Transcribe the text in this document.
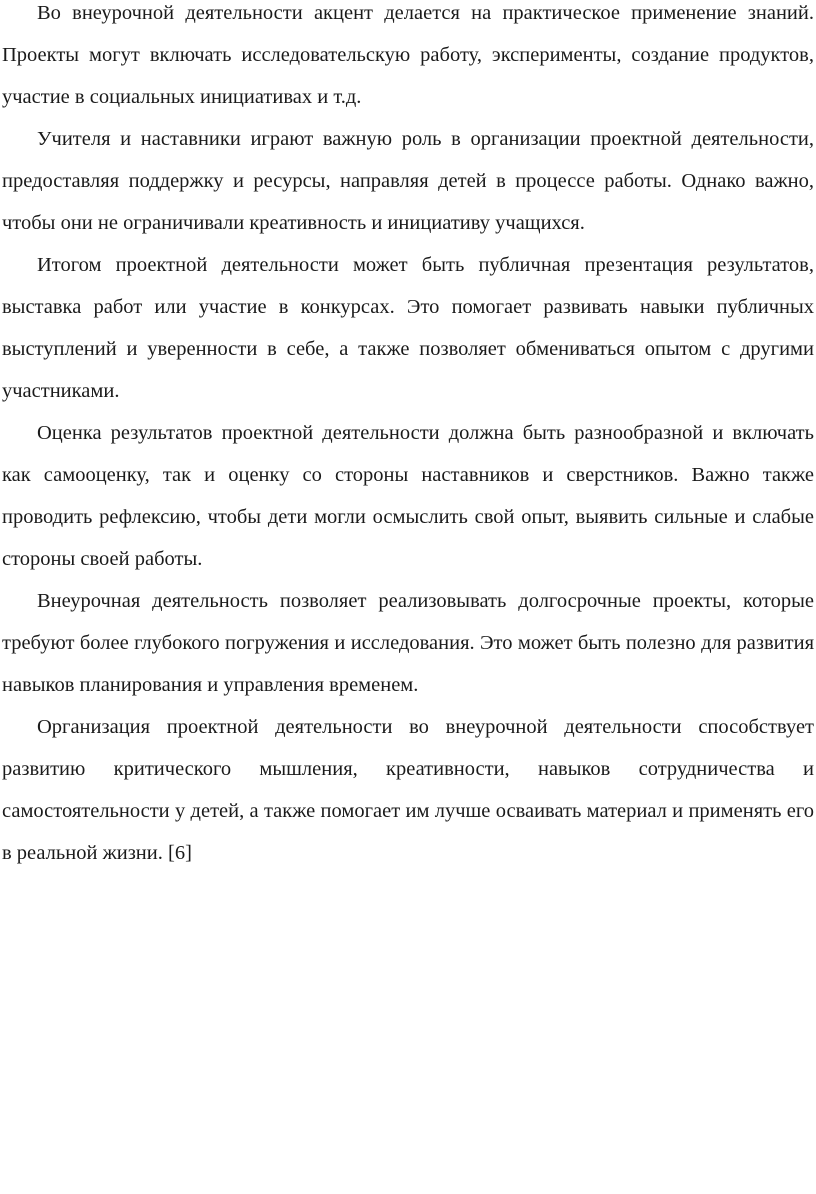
Во внеурочной деятельности акцент делается на практическое применение знаний. Проекты могут включать исследовательскую работу, эксперименты, создание продуктов, участие в социальных инициативах и т.д.

Учителя и наставники играют важную роль в организации проектной деятельности, предоставляя поддержку и ресурсы, направляя детей в процессе работы. Однако важно, чтобы они не ограничивали креативность и инициативу учащихся.

Итогом проектной деятельности может быть публичная презентация результатов, выставка работ или участие в конкурсах. Это помогает развивать навыки публичных выступлений и уверенности в себе, а также позволяет обмениваться опытом с другими участниками.

Оценка результатов проектной деятельности должна быть разнообразной и включать как самооценку, так и оценку со стороны наставников и сверстников. Важно также проводить рефлексию, чтобы дети могли осмыслить свой опыт, выявить сильные и слабые стороны своей работы.

Внеурочная деятельность позволяет реализовывать долгосрочные проекты, которые требуют более глубокого погружения и исследования. Это может быть полезно для развития навыков планирования и управления временем.

Организация проектной деятельности во внеурочной деятельности способствует развитию критического мышления, креативности, навыков сотрудничества и самостоятельности у детей, а также помогает им лучше осваивать материал и применять его в реальной жизни. [6]
